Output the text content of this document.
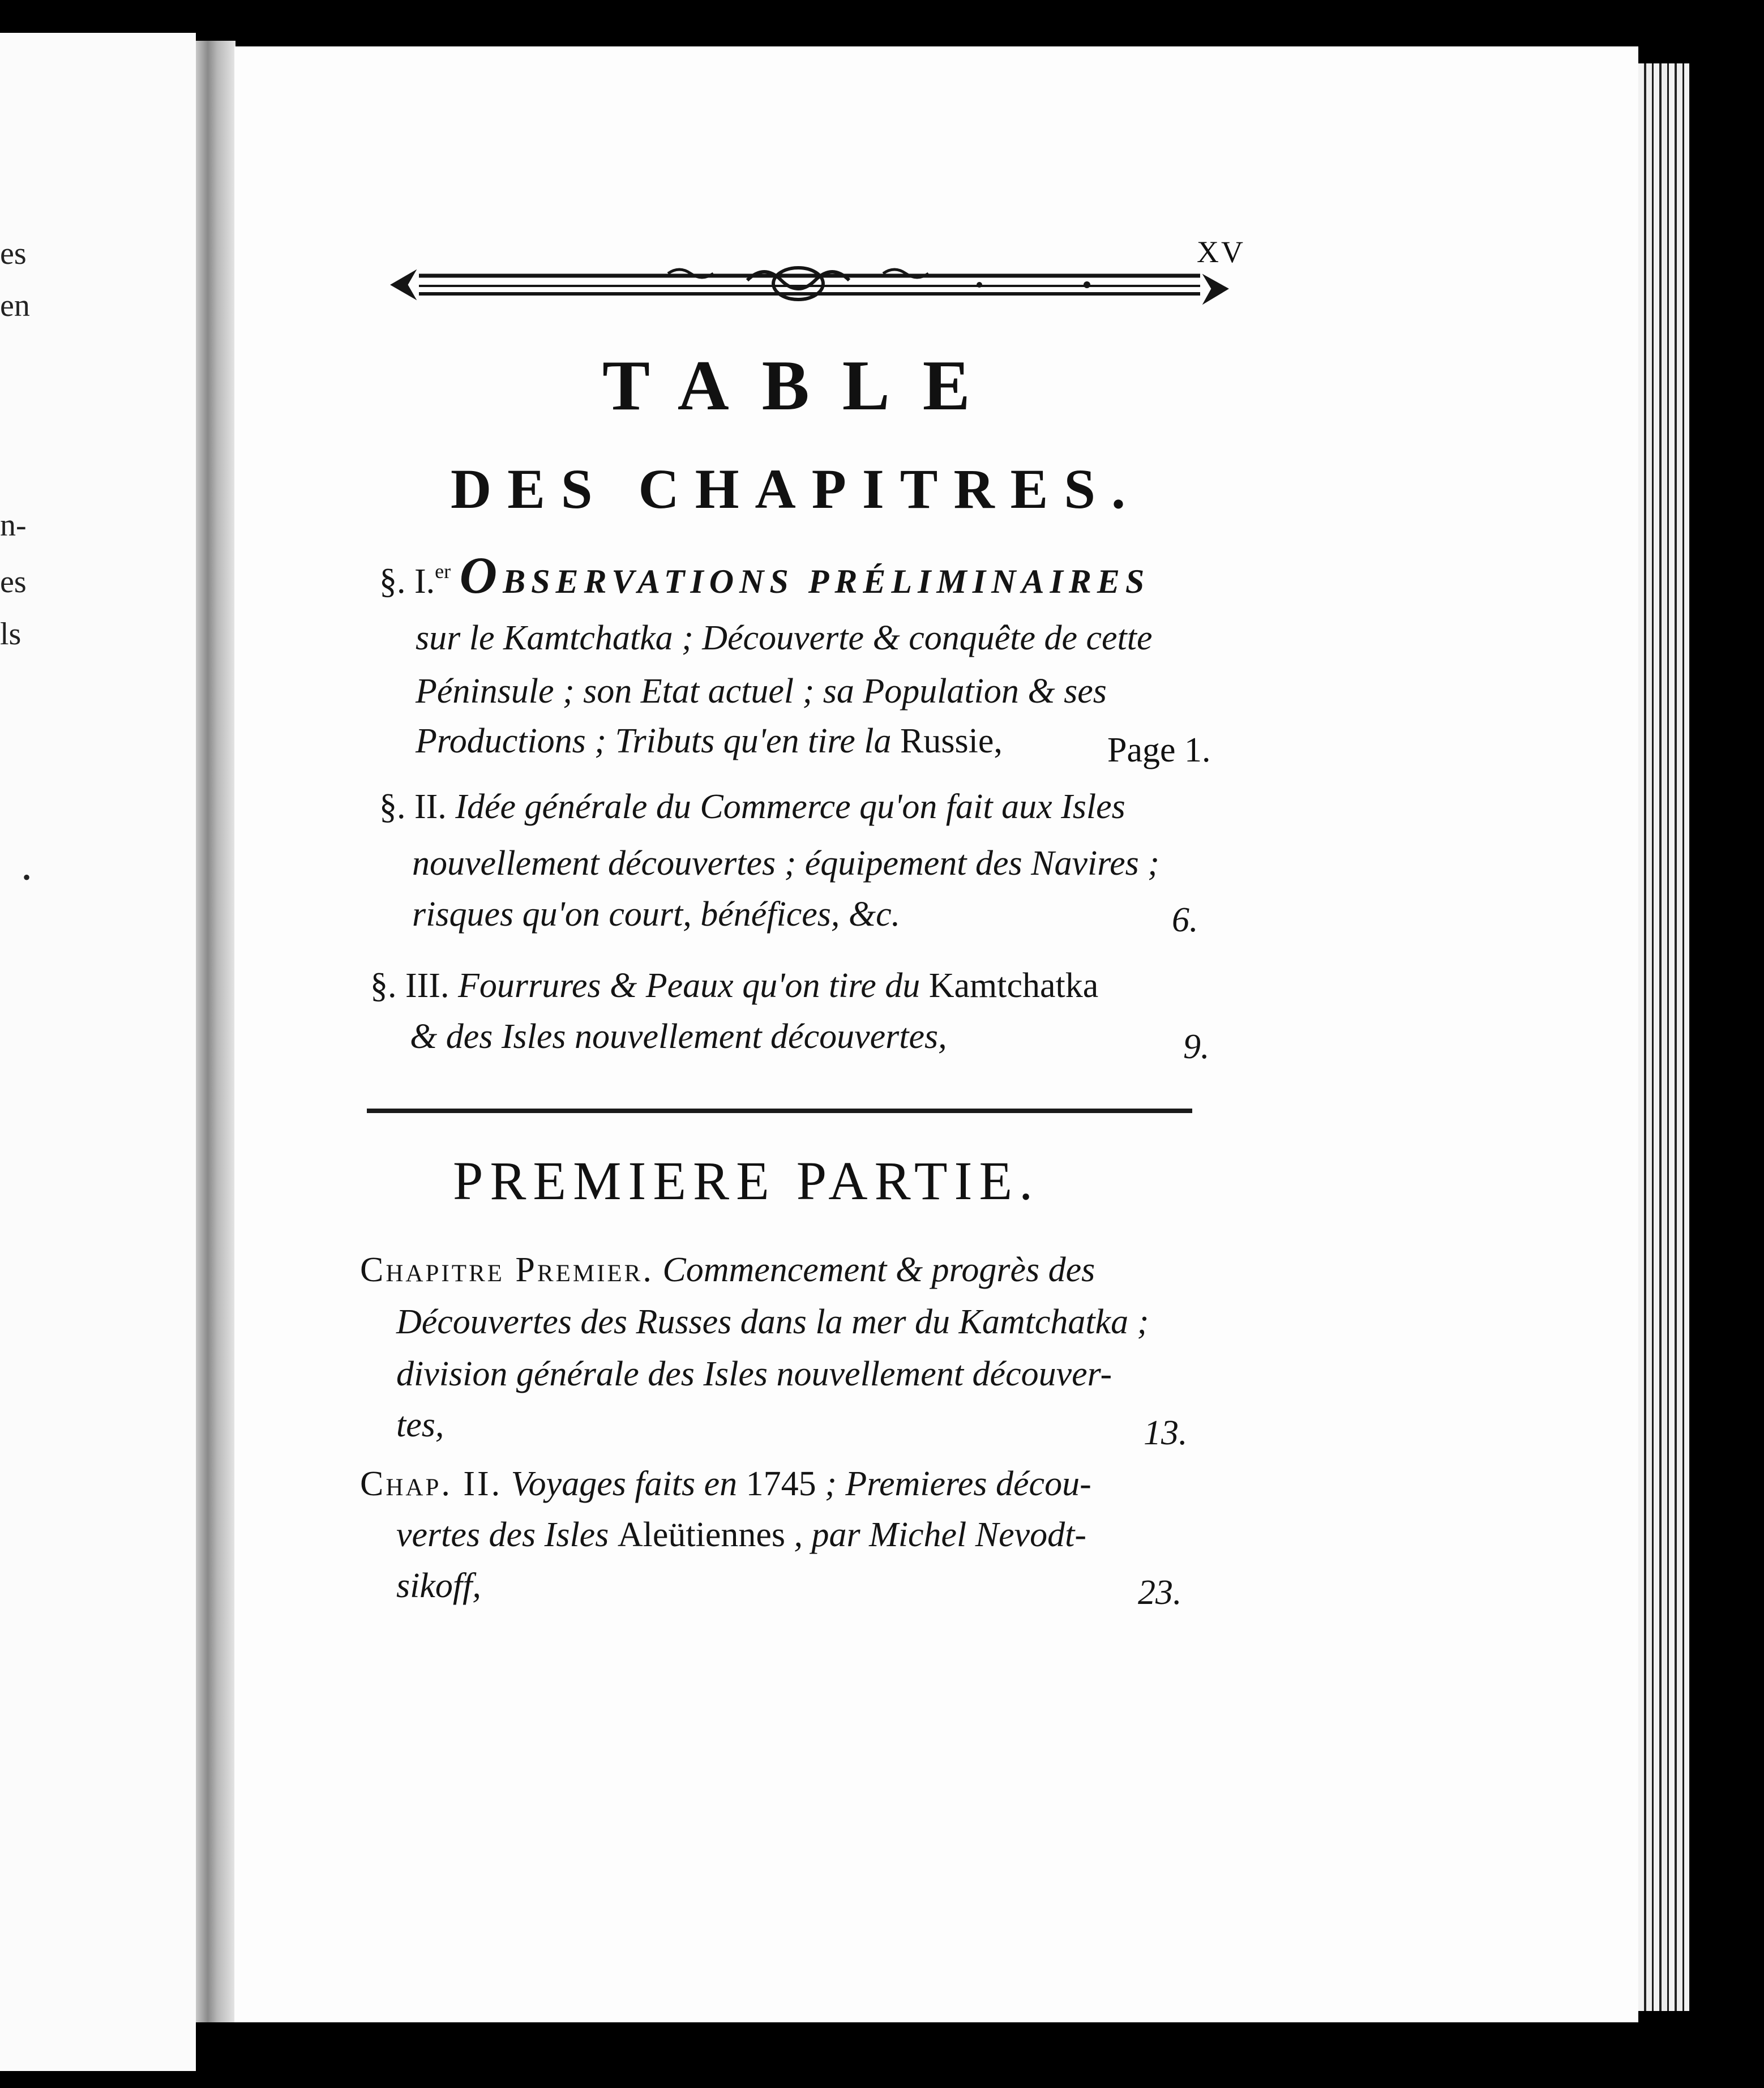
es
en
n-
es
ls
•
XV
TABLE
DES CHAPITRES.
§. I.$^{er}$ OBSERVATIONS PRÉLIMINAIRES
sur le Kamtchatka ; Découverte & conquête de cette
Péninsule ; son Etat actuel ; sa Population & ses
Productions ; Tributs qu'en tire la Russie,	Page 1.
§. II. Idée générale du Commerce qu'on fait aux Isles
nouvellement découvertes ; équipement des Navires ;
risques qu'on court, bénéfices, &c.	6.
§. III. Fourrures & Peaux qu'on tire du Kamtchatka
& des Isles nouvellement découvertes,	9.
PREMIERE PARTIE.
Chapitre Premier. Commencement & progrès des
Découvertes des Russes dans la mer du Kamtchatka ;
division générale des Isles nouvellement découver-
tes,	13.
Chap. II. Voyages faits en 1745 ; Premieres décou-
vertes des Isles Aleütiennes , par Michel Nevodt-
sikoff,	23.
